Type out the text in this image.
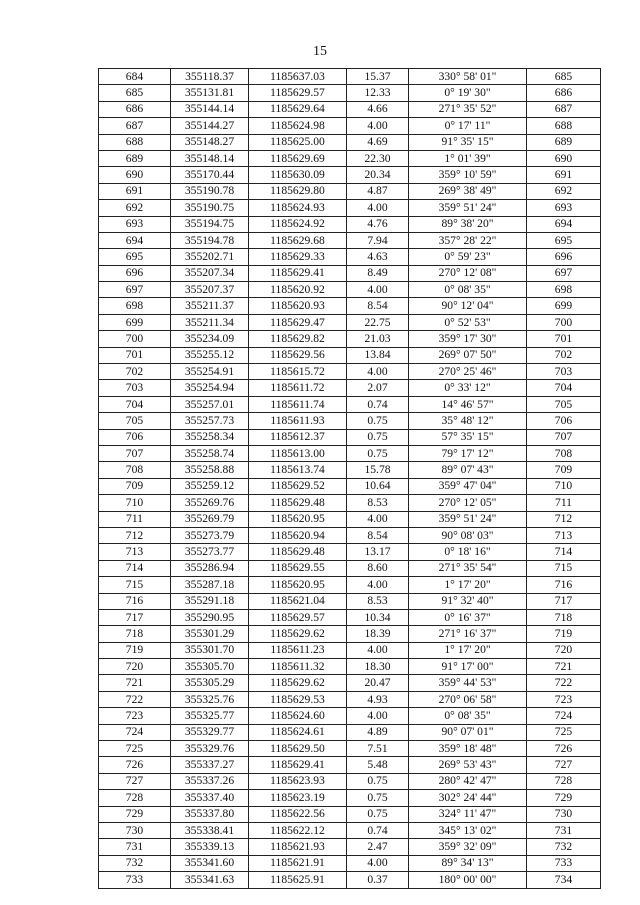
15
684	355118.37	1185637.03	15.37	330° 58' 01"	685
685	355131.81	1185629.57	12.33	0° 19' 30"	686
686	355144.14	1185629.64	4.66	271° 35' 52"	687
687	355144.27	1185624.98	4.00	0° 17' 11"	688
688	355148.27	1185625.00	4.69	91° 35' 15"	689
689	355148.14	1185629.69	22.30	1° 01' 39"	690
690	355170.44	1185630.09	20.34	359° 10' 59"	691
691	355190.78	1185629.80	4.87	269° 38' 49"	692
692	355190.75	1185624.93	4.00	359° 51' 24"	693
693	355194.75	1185624.92	4.76	89° 38' 20"	694
694	355194.78	1185629.68	7.94	357° 28' 22"	695
695	355202.71	1185629.33	4.63	0° 59' 23"	696
696	355207.34	1185629.41	8.49	270° 12' 08"	697
697	355207.37	1185620.92	4.00	0° 08' 35"	698
698	355211.37	1185620.93	8.54	90° 12' 04"	699
699	355211.34	1185629.47	22.75	0° 52' 53"	700
700	355234.09	1185629.82	21.03	359° 17' 30"	701
701	355255.12	1185629.56	13.84	269° 07' 50"	702
702	355254.91	1185615.72	4.00	270° 25' 46"	703
703	355254.94	1185611.72	2.07	0° 33' 12"	704
704	355257.01	1185611.74	0.74	14° 46' 57"	705
705	355257.73	1185611.93	0.75	35° 48' 12"	706
706	355258.34	1185612.37	0.75	57° 35' 15"	707
707	355258.74	1185613.00	0.75	79° 17' 12"	708
708	355258.88	1185613.74	15.78	89° 07' 43"	709
709	355259.12	1185629.52	10.64	359° 47' 04"	710
710	355269.76	1185629.48	8.53	270° 12' 05"	711
711	355269.79	1185620.95	4.00	359° 51' 24"	712
712	355273.79	1185620.94	8.54	90° 08' 03"	713
713	355273.77	1185629.48	13.17	0° 18' 16"	714
714	355286.94	1185629.55	8.60	271° 35' 54"	715
715	355287.18	1185620.95	4.00	1° 17' 20"	716
716	355291.18	1185621.04	8.53	91° 32' 40"	717
717	355290.95	1185629.57	10.34	0° 16' 37"	718
718	355301.29	1185629.62	18.39	271° 16' 37"	719
719	355301.70	1185611.23	4.00	1° 17' 20"	720
720	355305.70	1185611.32	18.30	91° 17' 00"	721
721	355305.29	1185629.62	20.47	359° 44' 53"	722
722	355325.76	1185629.53	4.93	270° 06' 58"	723
723	355325.77	1185624.60	4.00	0° 08' 35"	724
724	355329.77	1185624.61	4.89	90° 07' 01"	725
725	355329.76	1185629.50	7.51	359° 18' 48"	726
726	355337.27	1185629.41	5.48	269° 53' 43"	727
727	355337.26	1185623.93	0.75	280° 42' 47"	728
728	355337.40	1185623.19	0.75	302° 24' 44"	729
729	355337.80	1185622.56	0.75	324° 11' 47"	730
730	355338.41	1185622.12	0.74	345° 13' 02"	731
731	355339.13	1185621.93	2.47	359° 32' 09"	732
732	355341.60	1185621.91	4.00	89° 34' 13"	733
733	355341.63	1185625.91	0.37	180° 00' 00"	734
